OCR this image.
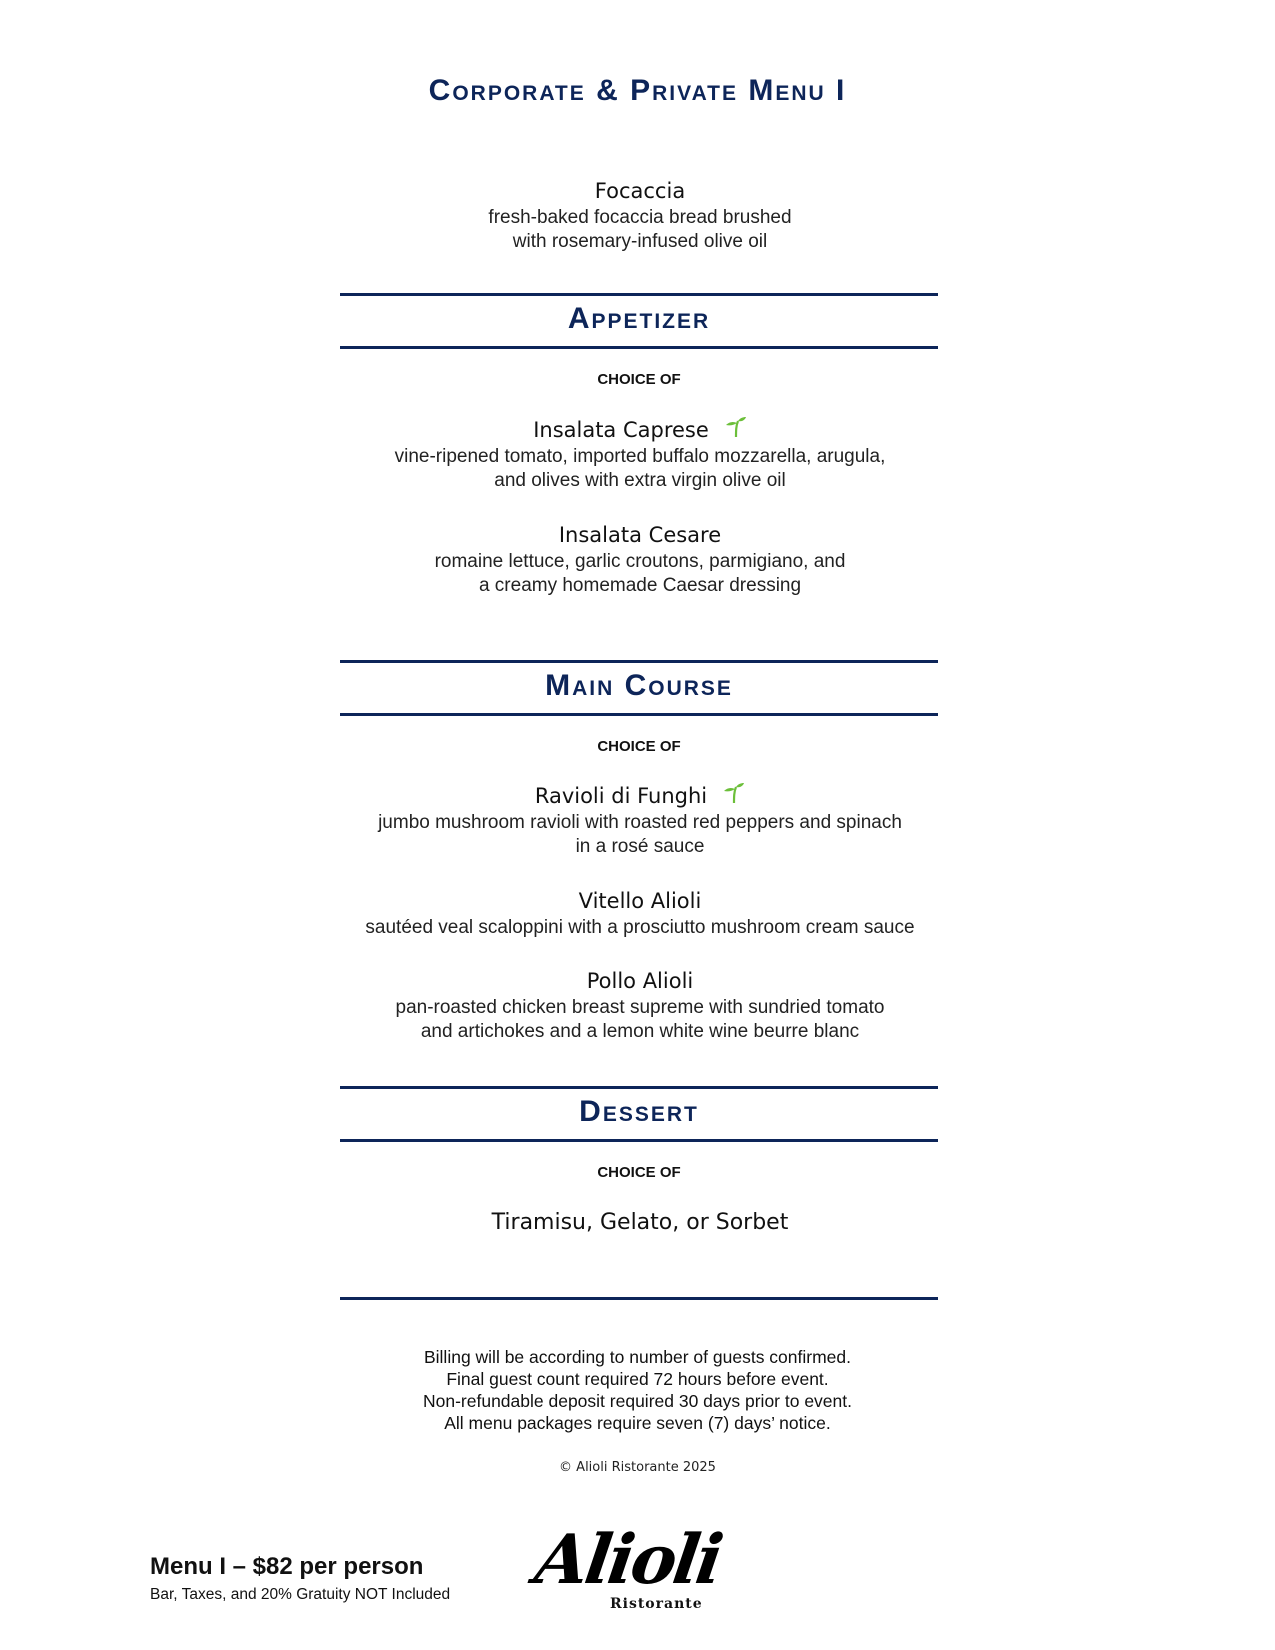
Corporate & Private Menu I

Focaccia

fresh-baked focaccia bread brushed

with rosemary-infused olive oil

Appetizer
CHOICE OF

Insalata Caprese

vine-ripened tomato, imported buffalo mozzarella, arugula,

and olives with extra virgin olive oil

Insalata Cesare

romaine lettuce, garlic croutons, parmigiano, and

a creamy homemade Caesar dressing

Main Course
CHOICE OF

Ravioli di Funghi

jumbo mushroom ravioli with roasted red peppers and spinach

in a rosé sauce

Vitello Alioli

sautéed veal scaloppini with a prosciutto mushroom cream sauce

Pollo Alioli

pan-roasted chicken breast supreme with sundried tomato

and artichokes and a lemon white wine beurre blanc

Dessert
CHOICE OF

Tiramisu, Gelato, or Sorbet

Billing will be according to number of guests confirmed.
Final guest count required 72 hours before event.
Non-refundable deposit required 30 days prior to event.
All menu packages require seven (7) days’ notice.
© Alioli Ristorante 2025
Menu I – $82 per person
Bar, Taxes, and 20% Gratuity NOT Included Alioli
Ristorante
